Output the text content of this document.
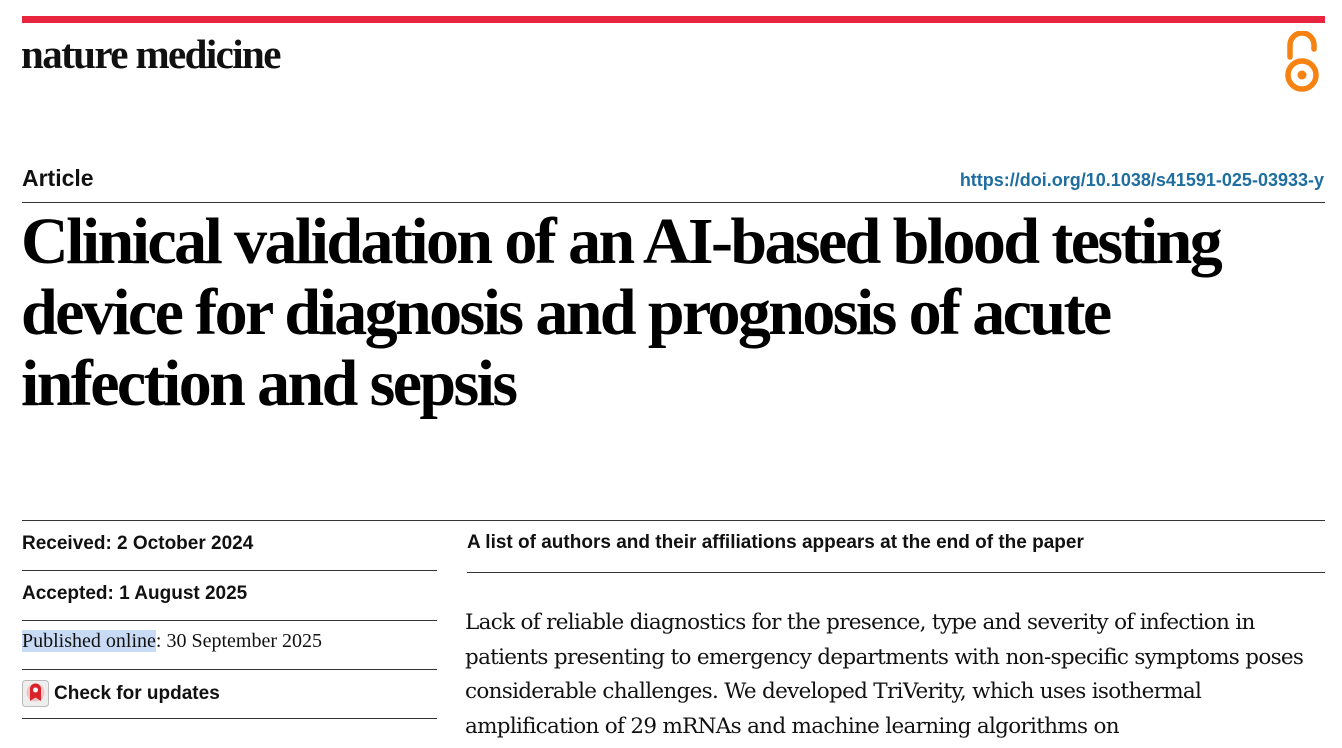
nature medicine
Article	https://doi.org/10.1038/s41591-025-03933-y
Clinical validation of an AI-based blood testing device for diagnosis and prognosis of acute infection and sepsis
Received: 2 October 2024
Accepted: 1 August 2025
Published online: 30 September 2025
Check for updates
A list of authors and their affiliations appears at the end of the paper

Lack of reliable diagnostics for the presence, type and severity of infection in patients presenting to emergency departments with non-specific symptoms poses considerable challenges. We developed TriVerity, which uses isothermal amplification of 29 mRNAs and machine learning algorithms on
